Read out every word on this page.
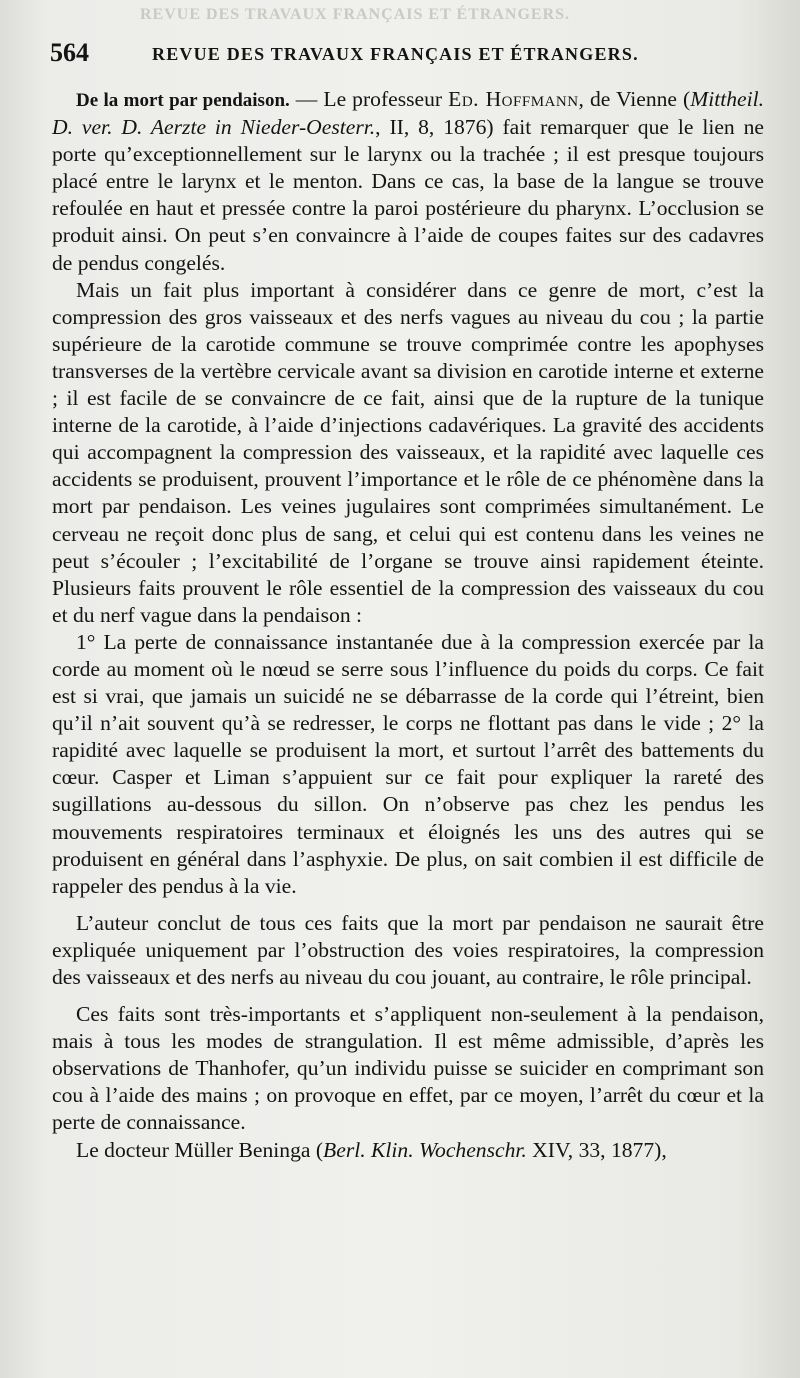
REVUE DES TRAVAUX FRANÇAIS ET ÉTRANGERS.
564	REVUE DES TRAVAUX FRANÇAIS ET ÉTRANGERS.

De la mort par pendaison. — Le professeur Ed. Hoffmann, de Vienne (Mittheil. D. ver. D. Aerzte in Nieder-Oesterr., II, 8, 1876) fait remarquer que le lien ne porte qu’exceptionnellement sur le larynx ou la trachée ; il est presque toujours placé entre le larynx et le menton. Dans ce cas, la base de la langue se trouve refoulée en haut et pressée contre la paroi postérieure du pharynx. L’occlusion se produit ainsi. On peut s’en convaincre à l’aide de coupes faites sur des cadavres de pendus congelés.

Mais un fait plus important à considérer dans ce genre de mort, c’est la compression des gros vaisseaux et des nerfs vagues au niveau du cou ; la partie supérieure de la carotide commune se trouve comprimée contre les apophyses transverses de la vertèbre cervicale avant sa division en carotide interne et externe ; il est facile de se convaincre de ce fait, ainsi que de la rupture de la tunique interne de la carotide, à l’aide d’injections cadavériques. La gravité des accidents qui accompagnent la compression des vaisseaux, et la rapidité avec laquelle ces accidents se produisent, prouvent l’importance et le rôle de ce phénomène dans la mort par pendaison. Les veines jugulaires sont comprimées simultanément. Le cerveau ne reçoit donc plus de sang, et celui qui est contenu dans les veines ne peut s’écouler ; l’excitabilité de l’organe se trouve ainsi rapidement éteinte. Plusieurs faits prouvent le rôle essentiel de la compression des vaisseaux du cou et du nerf vague dans la pendaison :

1° La perte de connaissance instantanée due à la compression exercée par la corde au moment où le nœud se serre sous l’influence du poids du corps. Ce fait est si vrai, que jamais un suicidé ne se débarrasse de la corde qui l’étreint, bien qu’il n’ait souvent qu’à se redresser, le corps ne flottant pas dans le vide ; 2° la rapidité avec laquelle se produisent la mort, et surtout l’arrêt des battements du cœur. Casper et Liman s’appuient sur ce fait pour expliquer la rareté des sugillations au-dessous du sillon. On n’observe pas chez les pendus les mouvements respiratoires terminaux et éloignés les uns des autres qui se produisent en général dans l’asphyxie. De plus, on sait combien il est difficile de rappeler des pendus à la vie.

L’auteur conclut de tous ces faits que la mort par pendaison ne saurait être expliquée uniquement par l’obstruction des voies respiratoires, la compression des vaisseaux et des nerfs au niveau du cou jouant, au contraire, le rôle principal.

Ces faits sont très-importants et s’appliquent non-seulement à la pendaison, mais à tous les modes de strangulation. Il est même admissible, d’après les observations de Thanhofer, qu’un individu puisse se suicider en comprimant son cou à l’aide des mains ; on provoque en effet, par ce moyen, l’arrêt du cœur et la perte de connaissance.

Le docteur Müller Beninga (Berl. Klin. Wochenschr. XIV, 33, 1877),
